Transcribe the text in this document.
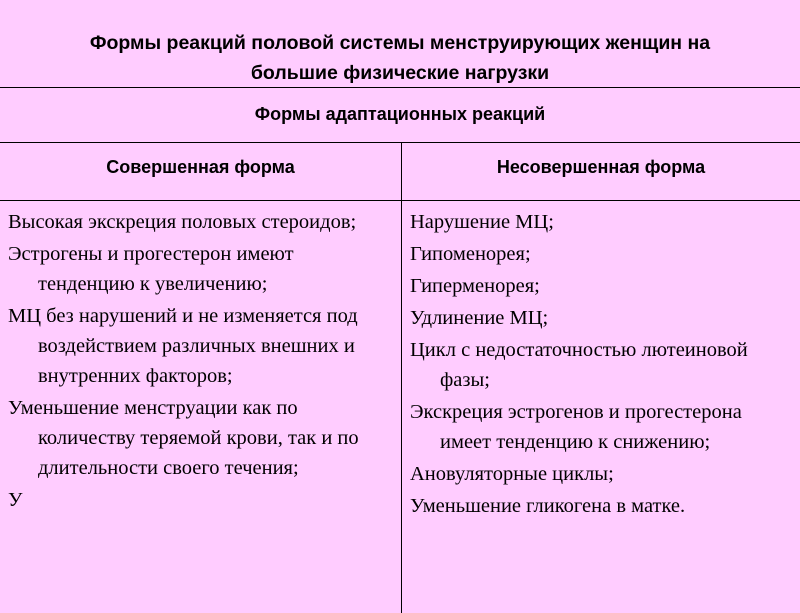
Формы реакций половой системы менструирующих женщин на
большие физические нагрузки
Формы адаптационных реакций
Совершенная форма	Несовершенная форма
Высокая экскреция половых стероидов;
Эстрогены и прогестерон имеют тенденцию к увеличению;
МЦ без нарушений и не изменяется под воздействием различных внешних и внутренних факторов;
Уменьшение менструации как по количеству теряемой крови, так и по длительности своего течения;
У
Нарушение МЦ;
Гипоменорея;
Гиперменорея;
Удлинение МЦ;
Цикл с недостаточностью лютеиновой фазы;
Экскреция эстрогенов и прогестерона имеет тенденцию к снижению;
Ановуляторные циклы;
Уменьшение гликогена в матке.
